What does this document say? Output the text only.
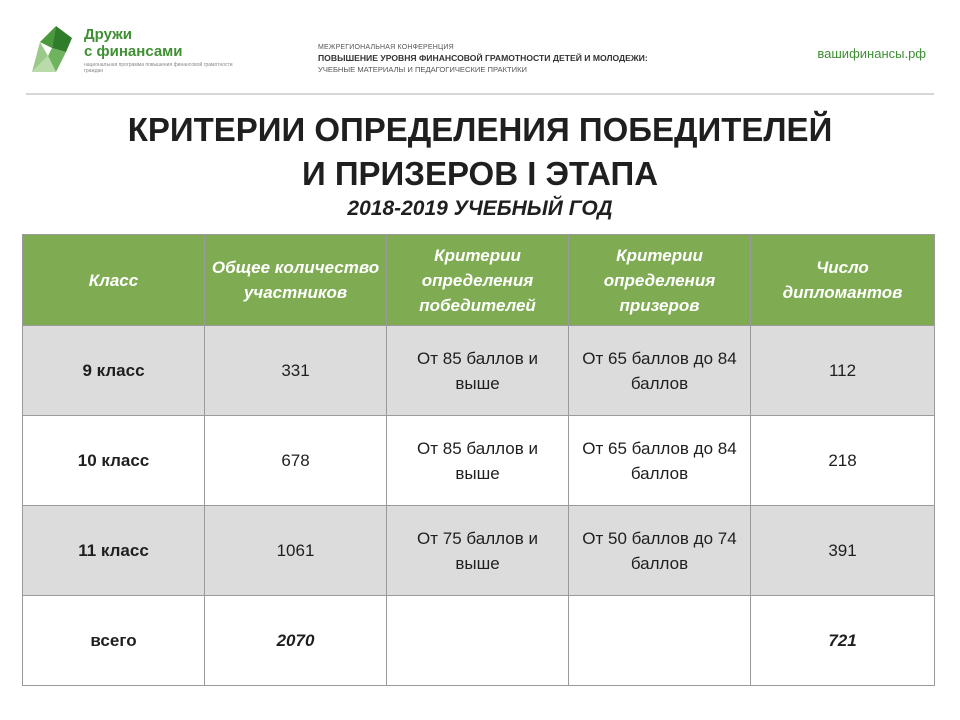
Дружи
с финансами
национальная программа повышения финансовой грамотности граждан
МЕЖРЕГИОНАЛЬНАЯ КОНФЕРЕНЦИЯ
ПОВЫШЕНИЕ УРОВНЯ ФИНАНСОВОЙ ГРАМОТНОСТИ ДЕТЕЙ И МОЛОДЕЖИ:
УЧЕБНЫЕ МАТЕРИАЛЫ И ПЕДАГОГИЧЕСКИЕ ПРАКТИКИ
вашифинансы.рф
КРИТЕРИИ ОПРЕДЕЛЕНИЯ ПОБЕДИТЕЛЕЙ
И ПРИЗЕРОВ I ЭТАПА
2018-2019 УЧЕБНЫЙ ГОД
Класс	Общее количество участников	Критерии определения победителей	Критерии определения призеров	Число дипломантов
9 класс	331	От 85 баллов и выше	От 65 баллов до 84 баллов	112
10 класс	678	От 85 баллов и выше	От 65 баллов до 84 баллов	218
11 класс	1061	От 75 баллов и выше	От 50 баллов до 74 баллов	391
всего	2070			721
